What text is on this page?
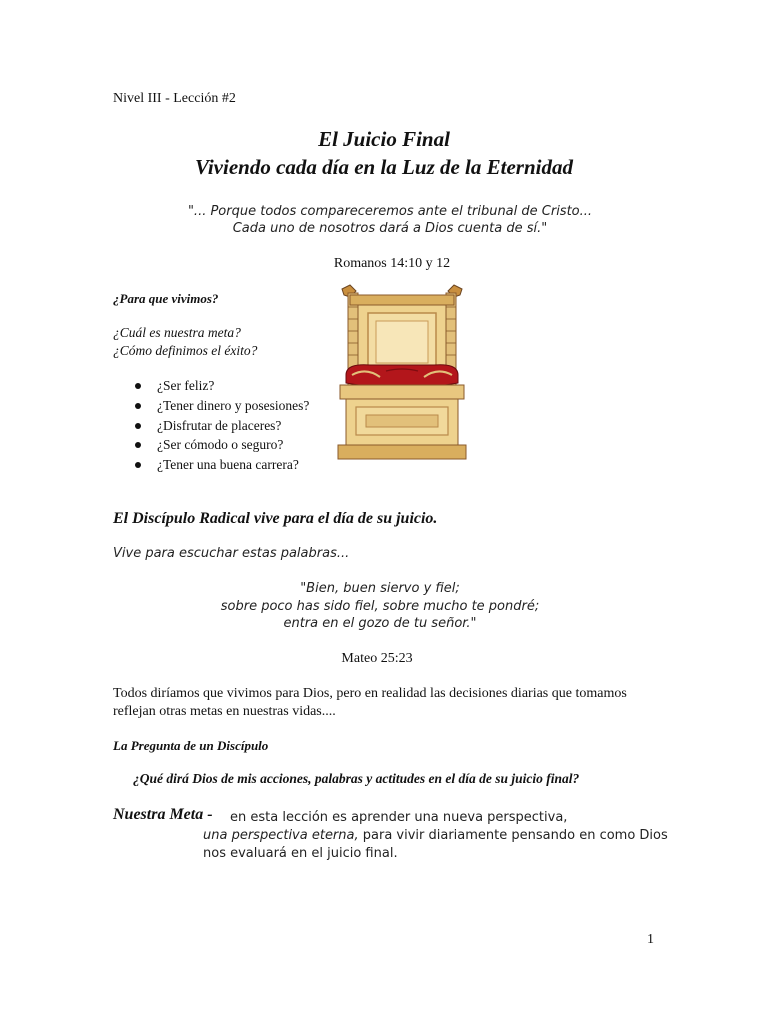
Nivel III - Lección #2
El Juicio Final
Viviendo cada día en la Luz de la Eternidad
"... Porque todos compareceremos ante el tribunal de Cristo...
Cada uno de nosotros dará a Dios cuenta de sí."
Romanos 14:10 y 12
¿Para que vivimos?
¿Cuál es nuestra meta?
¿Cómo definimos el éxito?
¿Ser feliz?
¿Tener dinero y posesiones?
¿Disfrutar de placeres?
¿Ser cómodo o seguro?
¿Tener una buena carrera?
El Discípulo Radical vive para el día de su juicio.
Vive para escuchar estas palabras...
"Bien, buen siervo y fiel;
sobre poco has sido fiel, sobre mucho te pondré;
entra en el gozo de tu señor."
Mateo 25:23
Todos diríamos que vivimos para Dios, pero en realidad las decisiones diarias que tomamos reflejan otras metas en nuestras vidas....
La Pregunta de un Discípulo
¿Qué dirá Dios de mis acciones, palabras y actitudes en el día de su juicio final?
Nuestra Meta - en esta lección es aprender una nueva perspectiva,
una perspectiva eterna, para vivir diariamente pensando en como Dios
nos evaluará en el juicio final.
1
